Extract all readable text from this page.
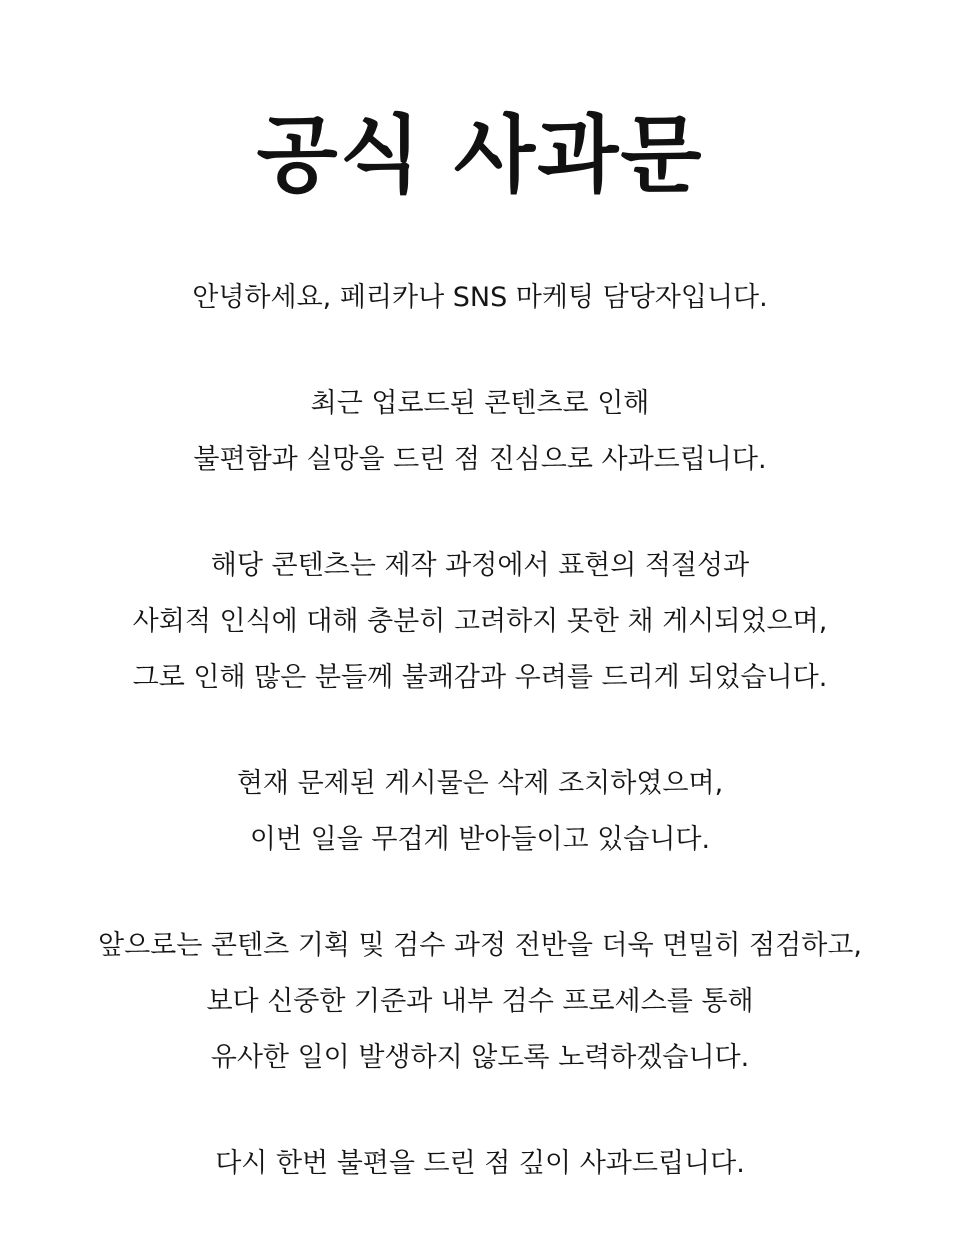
공식 사과문

안녕하세요, 페리카나 SNS 마케팅 담당자입니다.

최근 업로드된 콘텐츠로 인해
불편함과 실망을 드린 점 진심으로 사과드립니다.

해당 콘텐츠는 제작 과정에서 표현의 적절성과
사회적 인식에 대해 충분히 고려하지 못한 채 게시되었으며,
그로 인해 많은 분들께 불쾌감과 우려를 드리게 되었습니다.

현재 문제된 게시물은 삭제 조치하였으며,
이번 일을 무겁게 받아들이고 있습니다.

앞으로는 콘텐츠 기획 및 검수 과정 전반을 더욱 면밀히 점검하고,
보다 신중한 기준과 내부 검수 프로세스를 통해
유사한 일이 발생하지 않도록 노력하겠습니다.

다시 한번 불편을 드린 점 깊이 사과드립니다.
